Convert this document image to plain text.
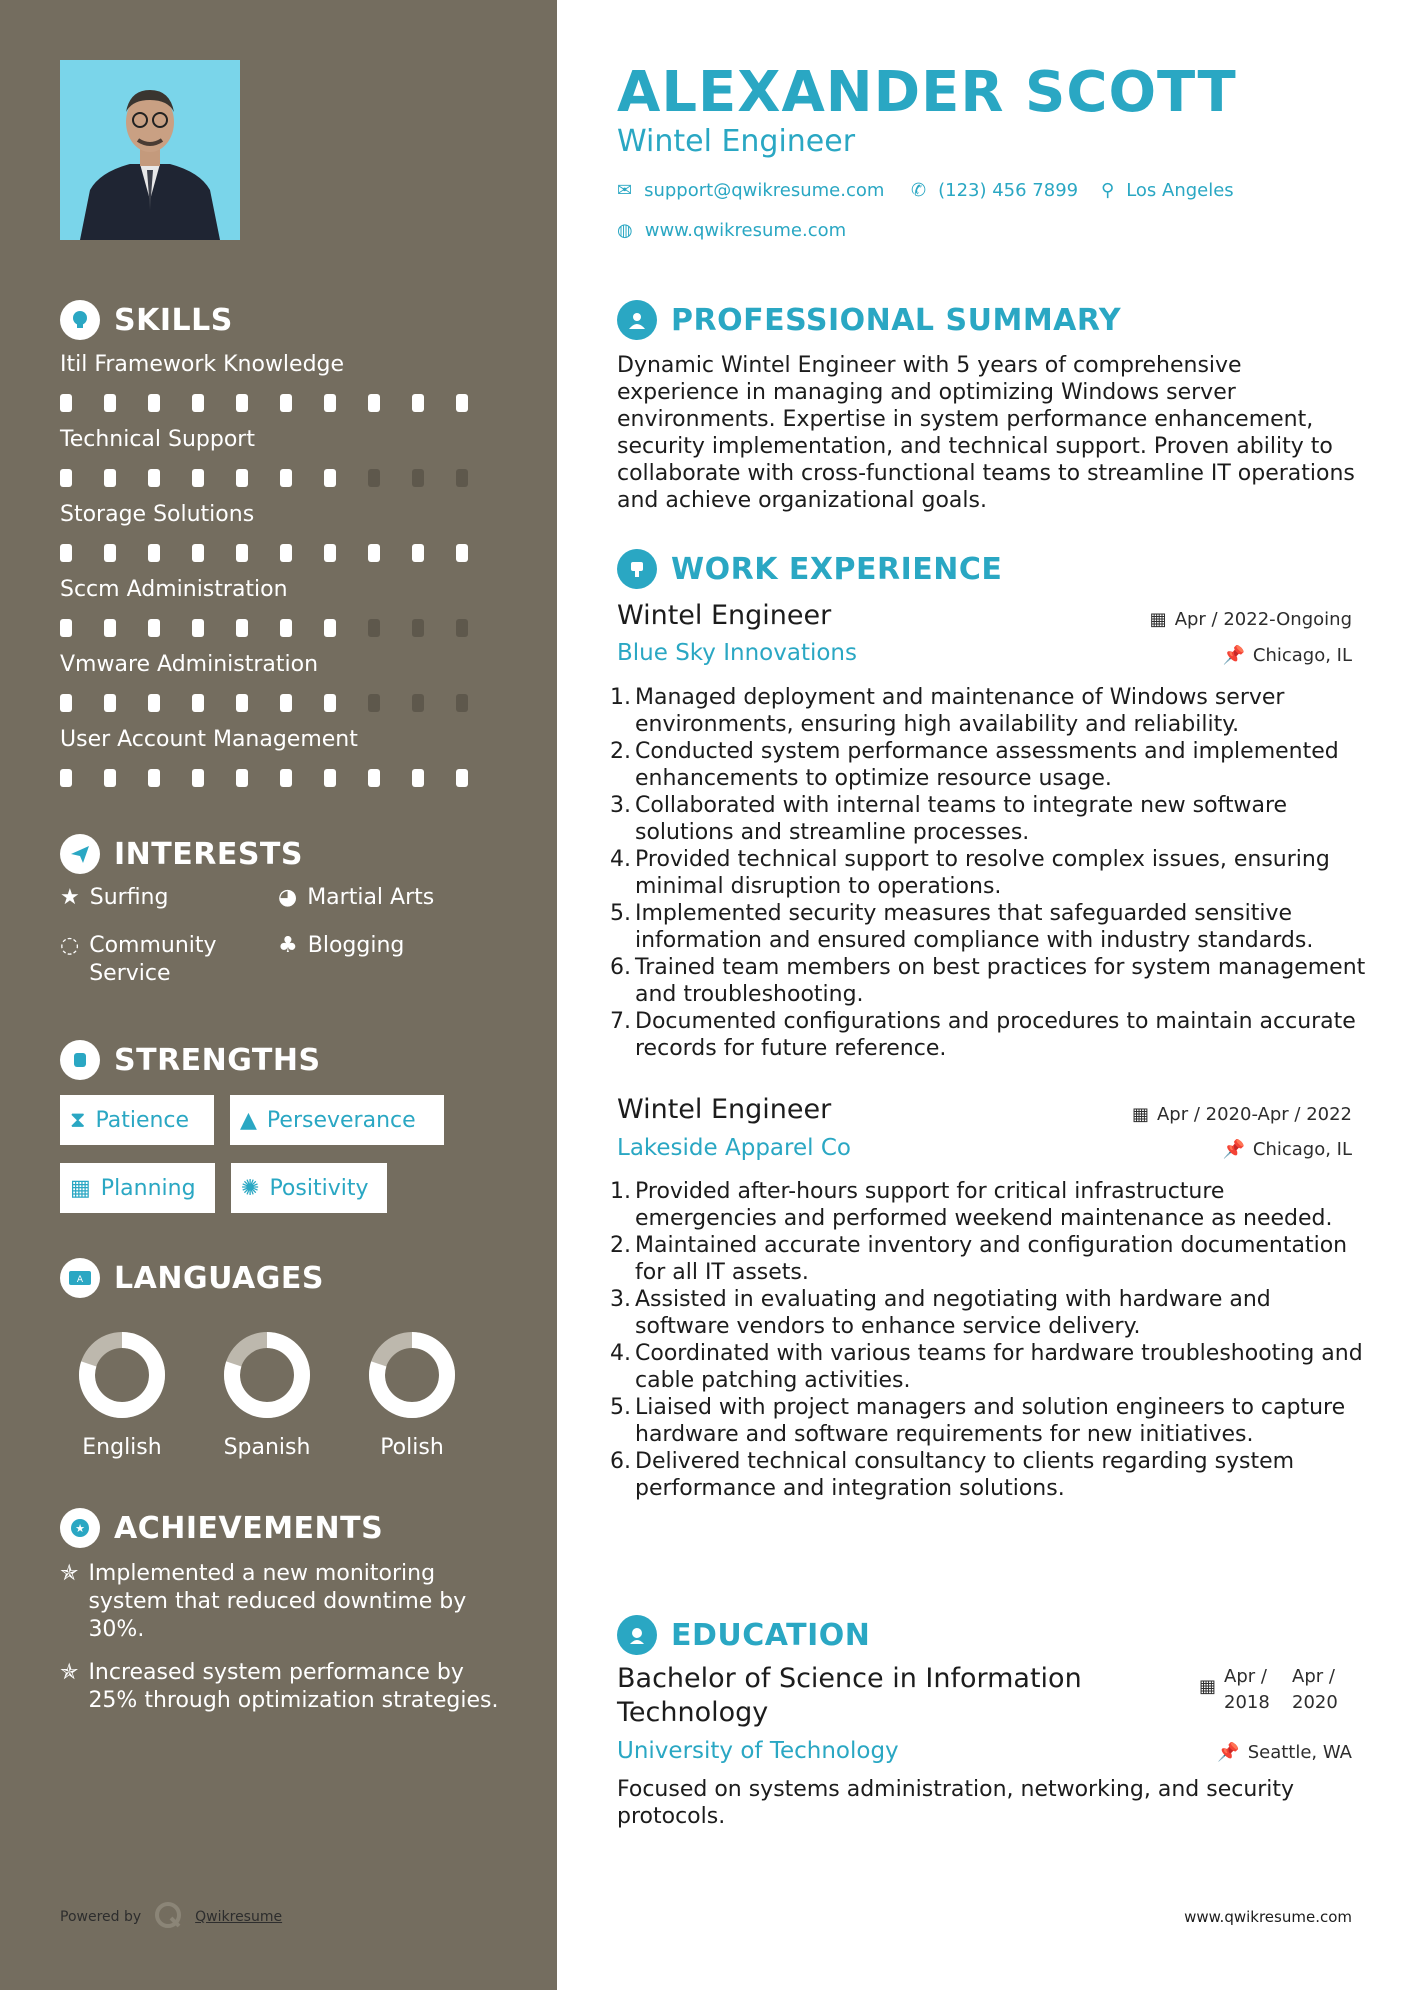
SKILLS
Itil Framework Knowledge
Technical Support
Storage Solutions
Sccm Administration
Vmware Administration
User Account Management
INTERESTS
★ Surfing	◕ Martial Arts
◌ Community Service
♣ Blogging
STRENGTHS
⧗ Patience ▲ Perseverance
▦ Planning ✺ Positivity
A LANGUAGES
English	Spanish	Polish
★ ACHIEVEMENTS
✯ Implemented a new monitoring system that reduced downtime by 30%.
✯ Increased system performance by 25% through optimization strategies.
Powered by	Qwikresume
ALEXANDER SCOTT
Wintel Engineer
✉ support@qwikresume.com ✆ (123) 456 7899 ⚲ Los Angeles
◍ www.qwikresume.com
PROFESSIONAL SUMMARY
Dynamic Wintel Engineer with 5 years of comprehensive experience in managing and optimizing Windows server environments. Expertise in system performance enhancement, security implementation, and technical support. Proven ability to collaborate with cross-functional teams to streamline IT operations and achieve organizational goals.
WORK EXPERIENCE
Wintel Engineer	▦ Apr / 2022-Ongoing
Blue Sky Innovations	📌 Chicago, IL
1. Managed deployment and maintenance of Windows server environments, ensuring high availability and reliability.
2. Conducted system performance assessments and implemented enhancements to optimize resource usage.
3. Collaborated with internal teams to integrate new software solutions and streamline processes.
4. Provided technical support to resolve complex issues, ensuring minimal disruption to operations.
5. Implemented security measures that safeguarded sensitive information and ensured compliance with industry standards.
6. Trained team members on best practices for system management and troubleshooting.
7. Documented configurations and procedures to maintain accurate records for future reference.
Wintel Engineer	▦ Apr / 2020-Apr / 2022
Lakeside Apparel Co	📌 Chicago, IL
1. Provided after-hours support for critical infrastructure emergencies and performed weekend maintenance as needed.
2. Maintained accurate inventory and configuration documentation for all IT assets.
3. Assisted in evaluating and negotiating with hardware and software vendors to enhance service delivery.
4. Coordinated with various teams for hardware troubleshooting and cable patching activities.
5. Liaised with project managers and solution engineers to capture hardware and software requirements for new initiatives.
6. Delivered technical consultancy to clients regarding system performance and integration solutions.
EDUCATION
Bachelor of Science in Information Technology
▦ Apr / 2018
Apr / 2020
University of Technology	📌 Seattle, WA
Focused on systems administration, networking, and security protocols.
www.qwikresume.com
